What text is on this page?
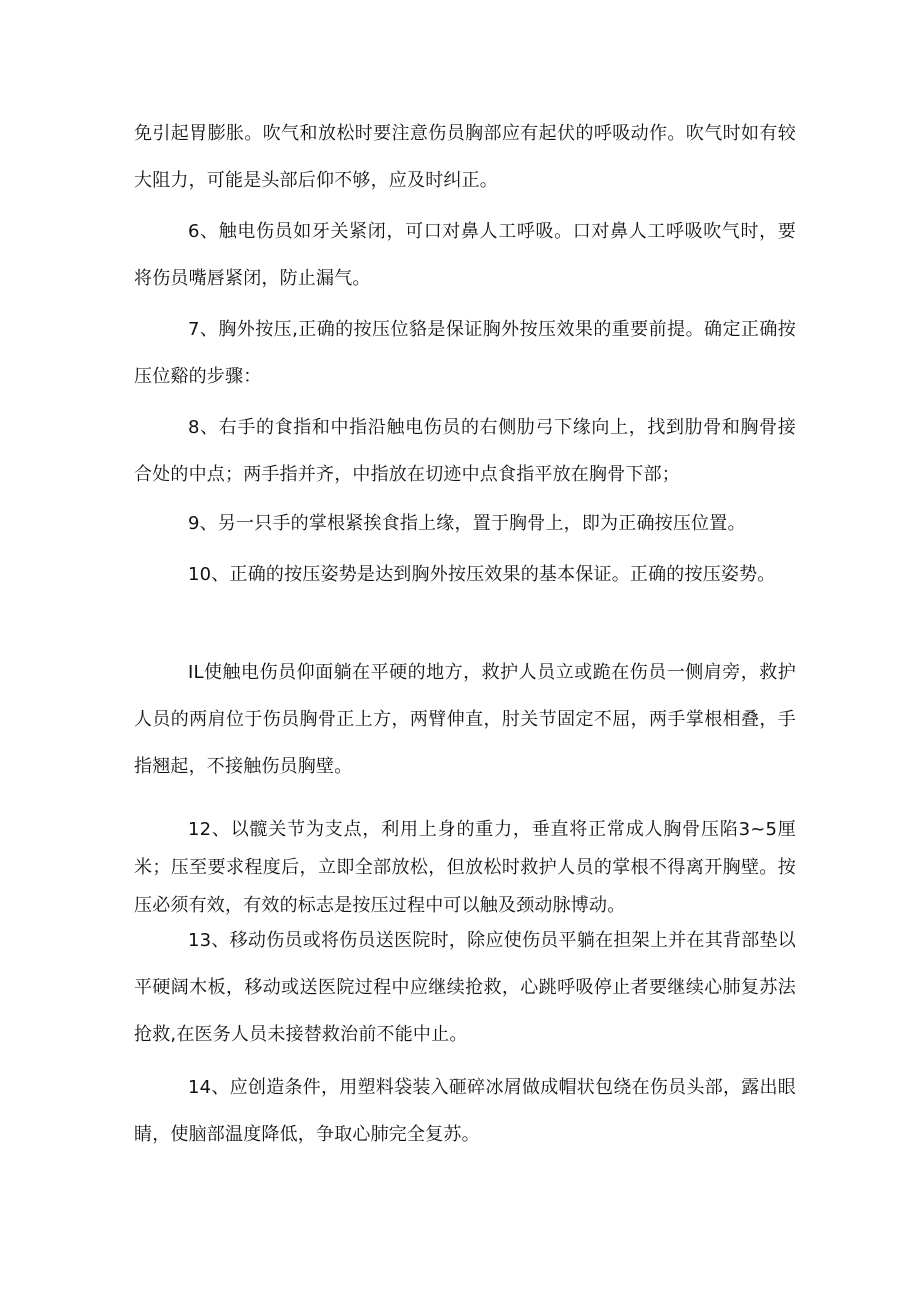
免引起胃膨胀。吹气和放松时要注意伤员胸部应有起伏的呼吸动作。吹气时如有较大阻力，可能是头部后仰不够，应及时纠正。

6、触电伤员如牙关紧闭，可口对鼻人工呼吸。口对鼻人工呼吸吹气时，要将伤员嘴唇紧闭，防止漏气。

7、胸外按压,正确的按压位貉是保证胸外按压效果的重要前提。确定正确按压位谿的步骤：

8、右手的食指和中指沿触电伤员的右侧肋弓下缘向上，找到肋骨和胸骨接合处的中点；两手指并齐，中指放在切迹中点食指平放在胸骨下部；

9、另一只手的掌根紧挨食指上缘，置于胸骨上，即为正确按压位置。

10、正确的按压姿势是达到胸外按压效果的基本保证。正确的按压姿势。

IL使触电伤员仰面躺在平硬的地方，救护人员立或跪在伤员一侧肩旁，救护人员的两肩位于伤员胸骨正上方，两臂伸直，肘关节固定不屈，两手掌根相叠，手指翘起，不接触伤员胸壁。

12、以髋关节为支点，利用上身的重力，垂直将正常成人胸骨压陷3~5厘米；压至要求程度后，立即全部放松，但放松时救护人员的掌根不得离开胸壁。按压必须有效，有效的标志是按压过程中可以触及颈动脉博动。

13、移动伤员或将伤员送医院时，除应使伤员平躺在担架上并在其背部垫以平硬阔木板，移动或送医院过程中应继续抢救，心跳呼吸停止者要继续心肺复苏法抢救,在医务人员未接替救治前不能中止。

14、应创造条件，用塑料袋装入砸碎冰屑做成帽状包绕在伤员头部，露出眼睛，使脑部温度降低，争取心肺完全复苏。
